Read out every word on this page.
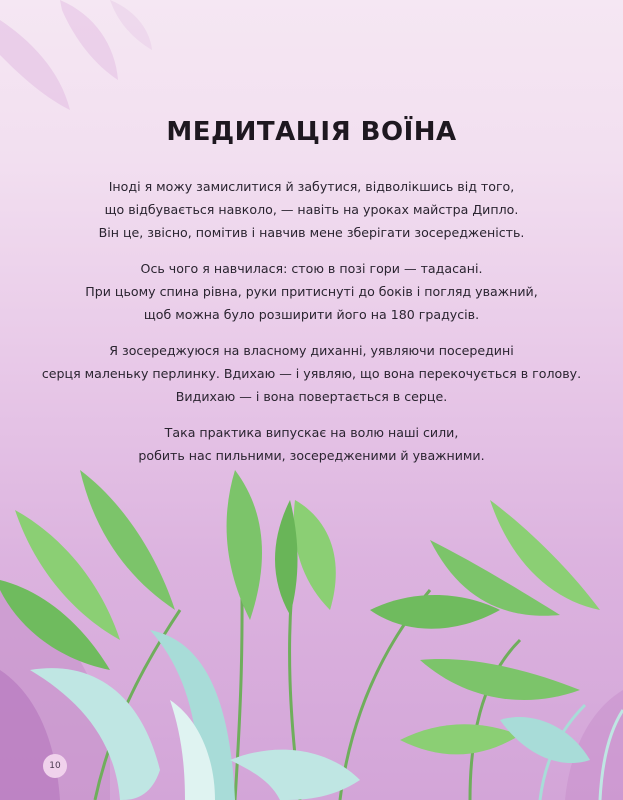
МЕДИТАЦІЯ ВОЇНА

Іноді я можу замислитися й забутися, відволікшись від того,
що відбувається навколо, — навіть на уроках майстра Дипло.
Він це, звісно, помітив і навчив мене зберігати зосередженість.

Ось чого я навчилася: стою в позі гори — тадасані.
При цьому спина рівна, руки притиснуті до боків і погляд уважний,
щоб можна було розширити його на 180 градусів.

Я зосереджуюся на власному диханні, уявляючи посередині
серця маленьку перлинку. Вдихаю — і уявляю, що вона перекочується в голову.
Видихаю — і вона повертається в серце.

Така практика випускає на волю наші сили,
робить нас пильними, зосередженими й уважними.

10
